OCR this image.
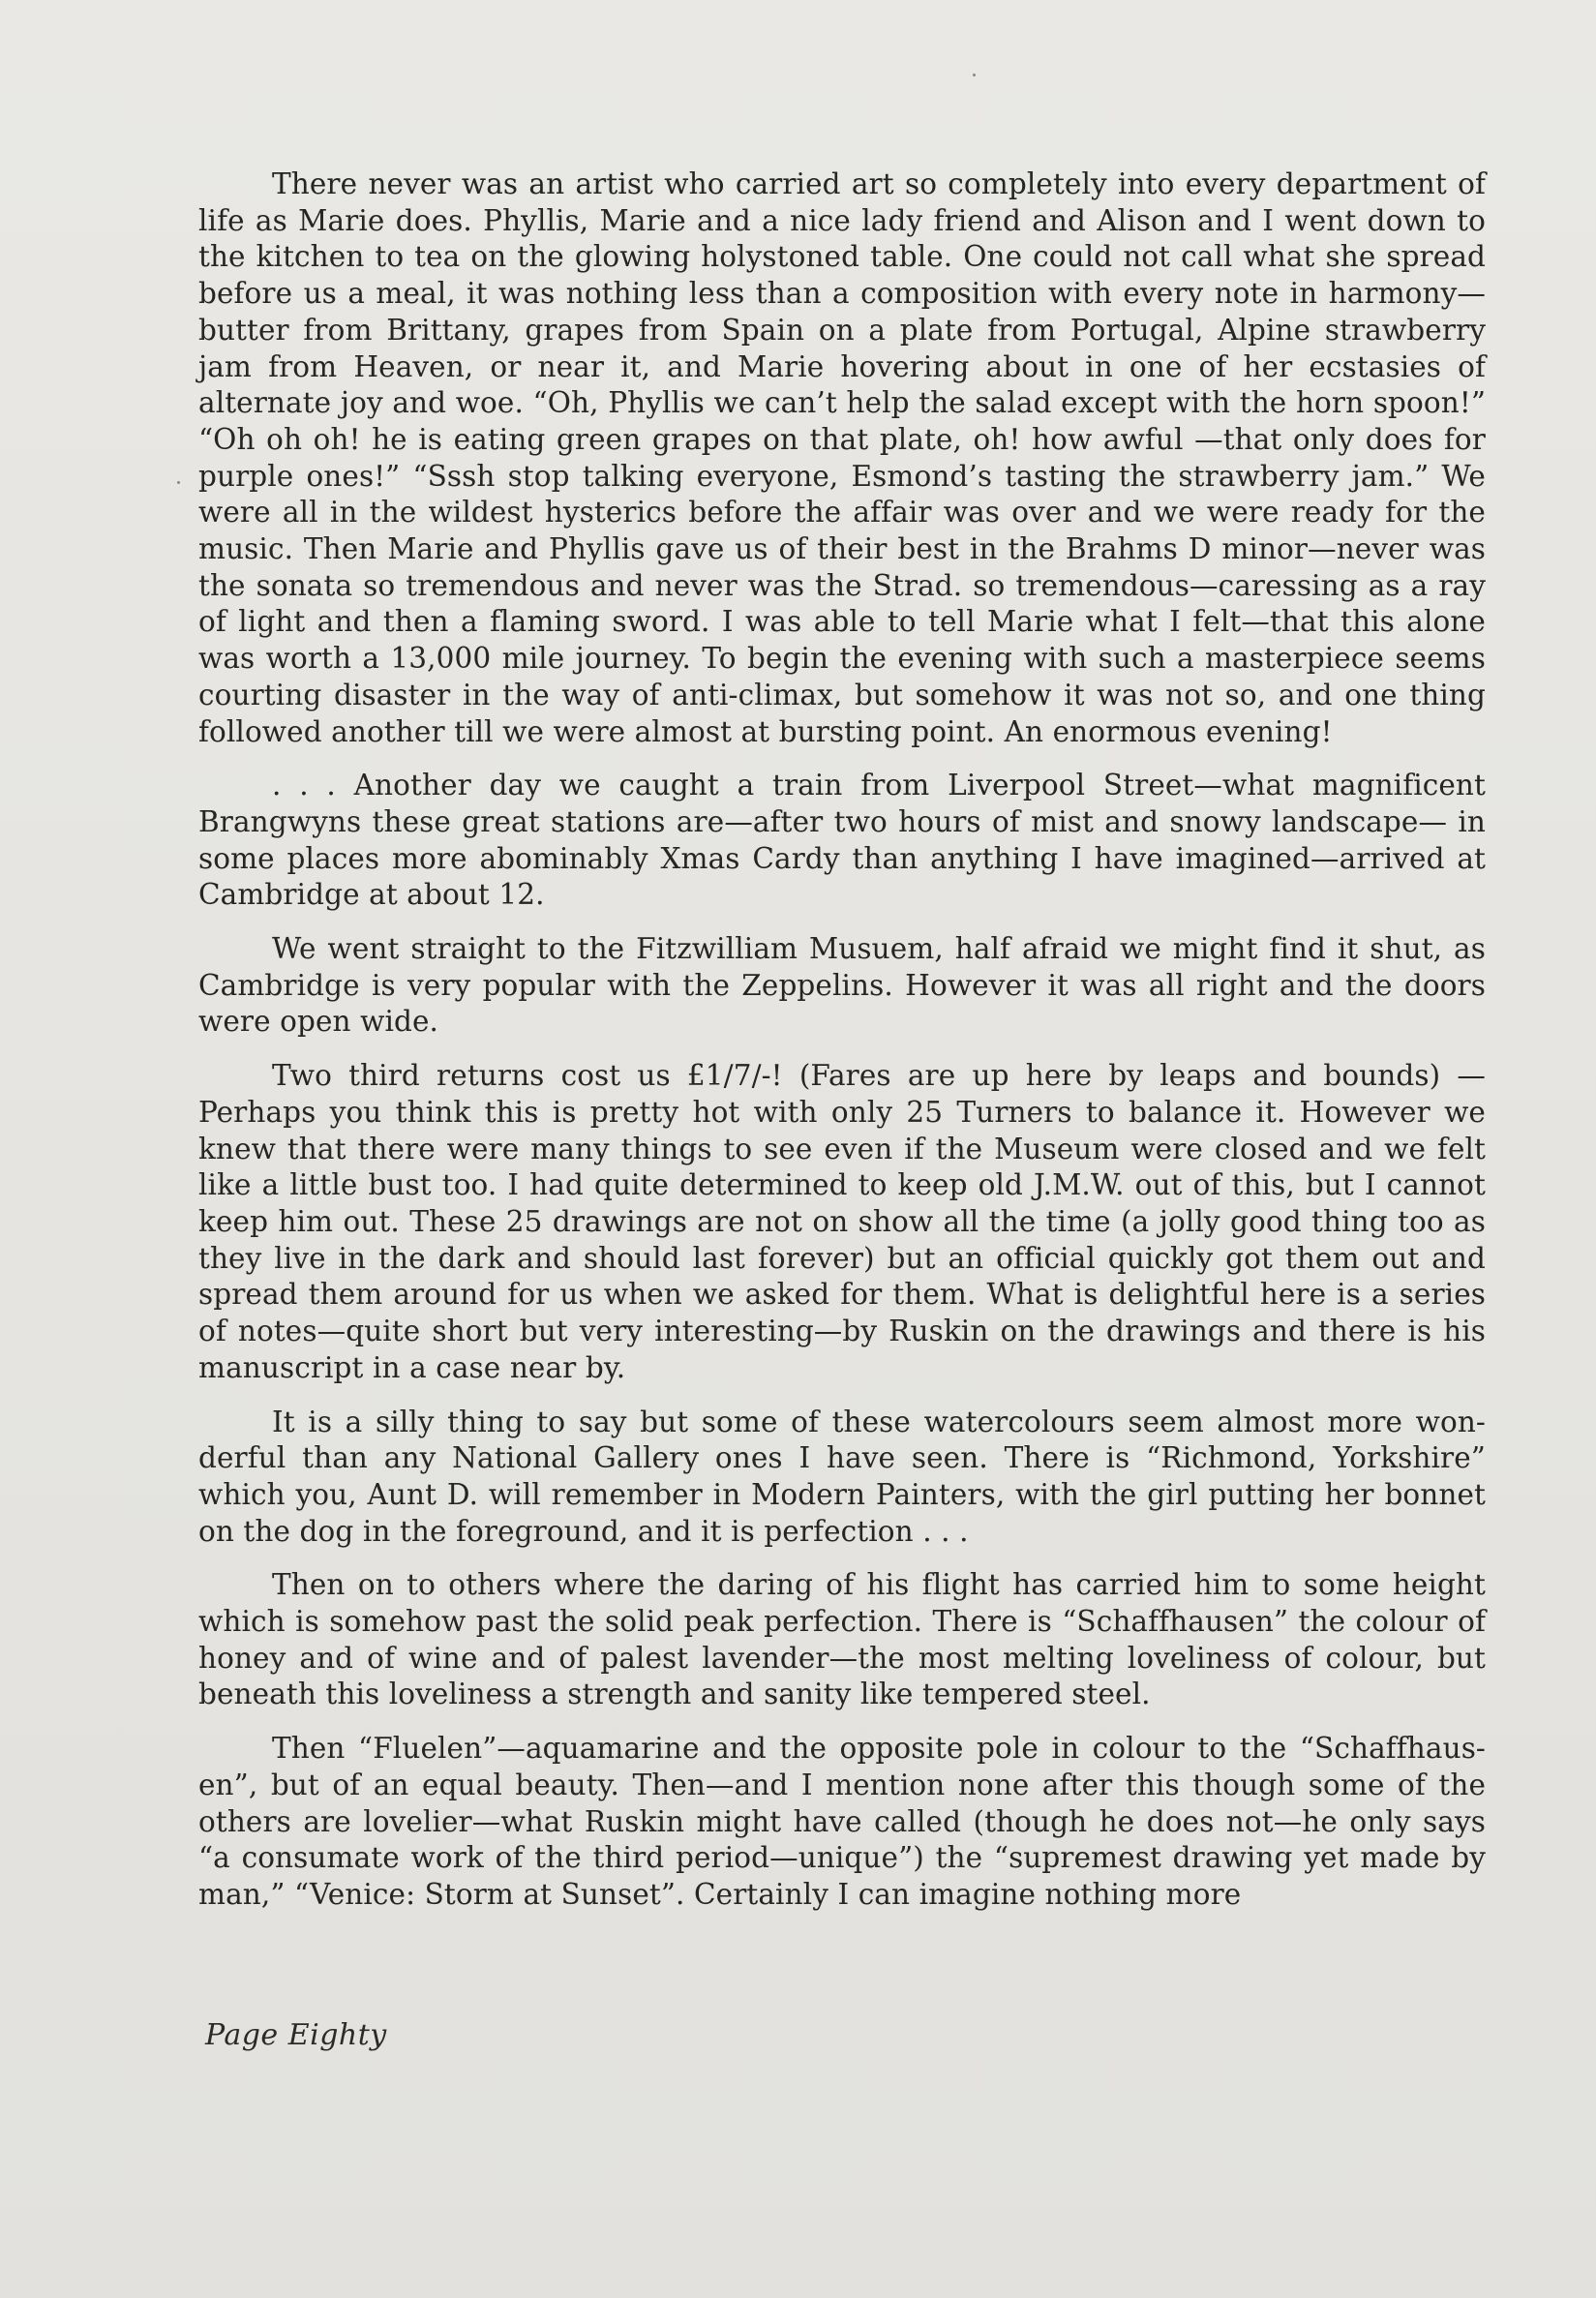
There never was an artist who carried art so completely into every department of life as Marie does. Phyllis, Marie and a nice lady friend and Alison and I went down to the kitchen to tea on the glowing holystoned table. One could not call what she spread before us a meal, it was nothing less than a composition with every note in harmony—butter from Brittany, grapes from Spain on a plate from Portugal, Alpine strawberry jam from Heaven, or near it, and Marie hovering about in one of her ecstasies of alternate joy and woe. “Oh, Phyllis we can’t help the salad except with the horn spoon!” “Oh oh oh! he is eating green grapes on that plate, oh! how awful —that only does for purple ones!” “Sssh stop talking everyone, Esmond’s tasting the strawberry jam.” We were all in the wildest hysterics before the affair was over and we were ready for the music. Then Marie and Phyllis gave us of their best in the Brahms D minor—never was the sonata so tremendous and never was the Strad. so tremendous—caressing as a ray of light and then a flaming sword. I was able to tell Marie what I felt—that this alone was worth a 13,000 mile journey. To begin the evening with such a masterpiece seems courting disaster in the way of anti-climax, but somehow it was not so, and one thing followed another till we were almost at bursting point. An enormous evening!

. . . Another day we caught a train from Liverpool Street—what magnificent Brangwyns these great stations are—after two hours of mist and snowy landscape— in some places more abominably Xmas Cardy than anything I have imagined—arrived at Cambridge at about 12.

We went straight to the Fitzwilliam Musuem, half afraid we might find it shut, as Cambridge is very popular with the Zeppelins. However it was all right and the doors were open wide.

Two third returns cost us £1/7/-! (Fares are up here by leaps and bounds) —Perhaps you think this is pretty hot with only 25 Turners to balance it. However we knew that there were many things to see even if the Museum were closed and we felt like a little bust too. I had quite determined to keep old J.M.W. out of this, but I cannot keep him out. These 25 drawings are not on show all the time (a jolly good thing too as they live in the dark and should last forever) but an official quickly got them out and spread them around for us when we asked for them. What is delightful here is a series of notes—quite short but very interesting—by Ruskin on the drawings and there is his manuscript in a case near by.

It is a silly thing to say but some of these watercolours seem almost more won- derful than any National Gallery ones I have seen. There is “Richmond, Yorkshire” which you, Aunt D. will remember in Modern Painters, with the girl putting her bonnet on the dog in the foreground, and it is perfection . . .

Then on to others where the daring of his flight has carried him to some height which is somehow past the solid peak perfection. There is “Schaffhausen” the colour of honey and of wine and of palest lavender—the most melting loveliness of colour, but beneath this loveliness a strength and sanity like tempered steel.

Then “Fluelen”—aquamarine and the opposite pole in colour to the “Schaffhaus- en”, but of an equal beauty. Then—and I mention none after this though some of the others are lovelier—what Ruskin might have called (though he does not—he only says “a consumate work of the third period—unique”) the “supremest drawing yet made by man,” “Venice: Storm at Sunset”. Certainly I can imagine nothing more

Page Eighty
